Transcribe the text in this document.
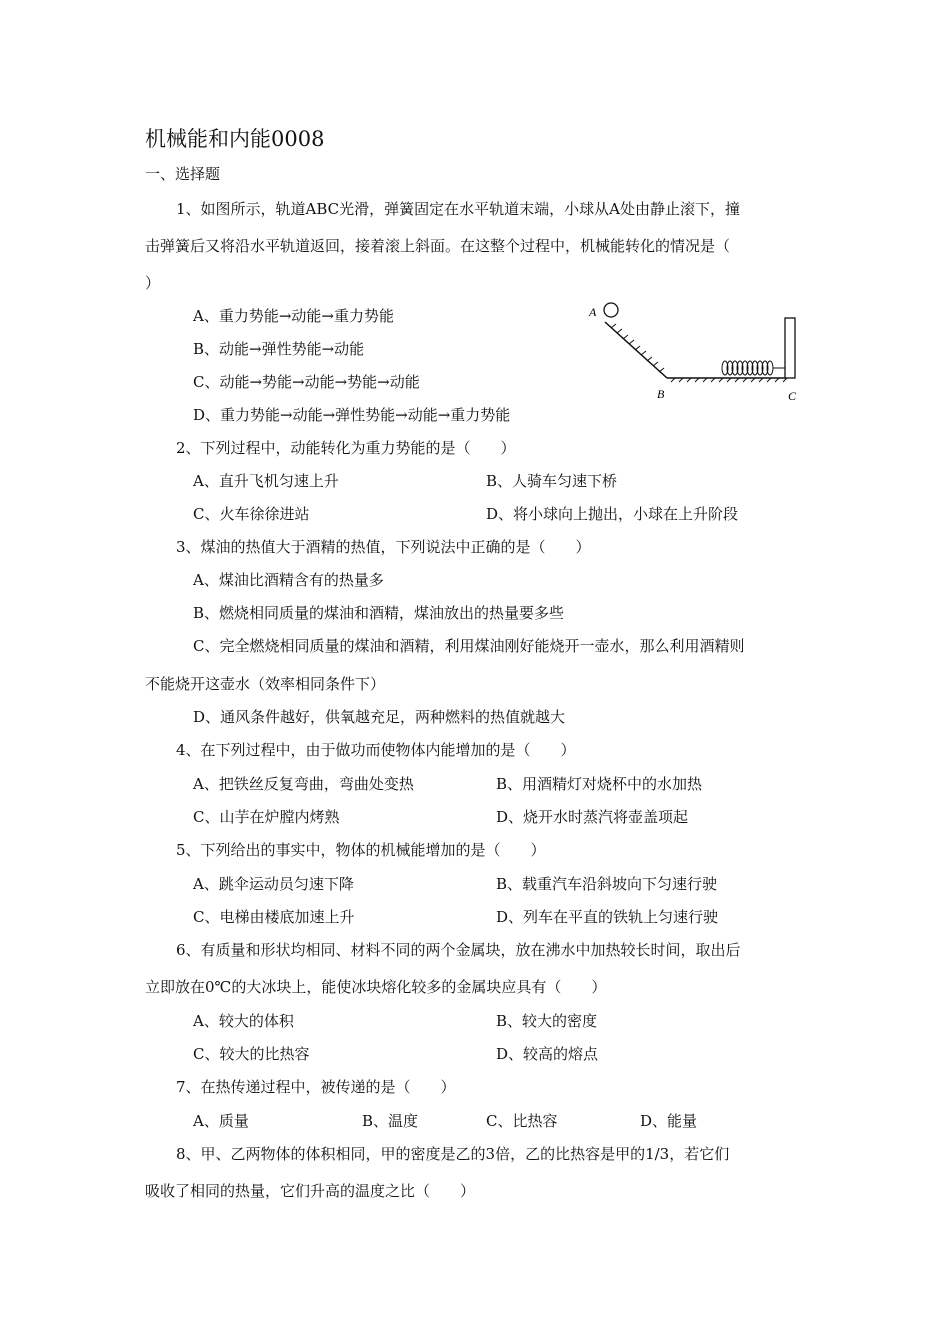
机械能和内能0008
一、选择题
1、如图所示，轨道ABC光滑，弹簧固定在水平轨道末端，小球从A处由静止滚下，撞
击弹簧后又将沿水平轨道返回，接着滚上斜面。在这整个过程中，机械能转化的情况是（
）
A、重力势能→动能→重力势能
B、动能→弹性势能→动能
C、动能→势能→动能→势能→动能
D、重力势能→动能→弹性势能→动能→重力势能
A
B	C
2、下列过程中，动能转化为重力势能的是（　　）
A、直升飞机匀速上升	B、人骑车匀速下桥
C、火车徐徐进站	D、将小球向上抛出，小球在上升阶段
3、煤油的热值大于酒精的热值，下列说法中正确的是（　　）
A、煤油比酒精含有的热量多
B、燃烧相同质量的煤油和酒精，煤油放出的热量要多些
C、完全燃烧相同质量的煤油和酒精，利用煤油刚好能烧开一壶水，那么利用酒精则
不能烧开这壶水（效率相同条件下）
D、通风条件越好，供氧越充足，两种燃料的热值就越大
4、在下列过程中，由于做功而使物体内能增加的是（　　）
A、把铁丝反复弯曲，弯曲处变热	B、用酒精灯对烧杯中的水加热
C、山芋在炉膛内烤熟	D、烧开水时蒸汽将壶盖项起
5、下列给出的事实中，物体的机械能增加的是（　　）
A、跳伞运动员匀速下降	B、载重汽车沿斜坡向下匀速行驶
C、电梯由楼底加速上升	D、列车在平直的铁轨上匀速行驶
6、有质量和形状均相同、材料不同的两个金属块，放在沸水中加热较长时间，取出后
立即放在0℃的大冰块上，能使冰块熔化较多的金属块应具有（　　）
A、较大的体积	B、较大的密度
C、较大的比热容	D、较高的熔点
7、在热传递过程中，被传递的是（　　）
A、质量	B、温度	C、比热容	D、能量
8、甲、乙两物体的体积相同，甲的密度是乙的3倍，乙的比热容是甲的1/3，若它们
吸收了相同的热量，它们升高的温度之比（　　）
